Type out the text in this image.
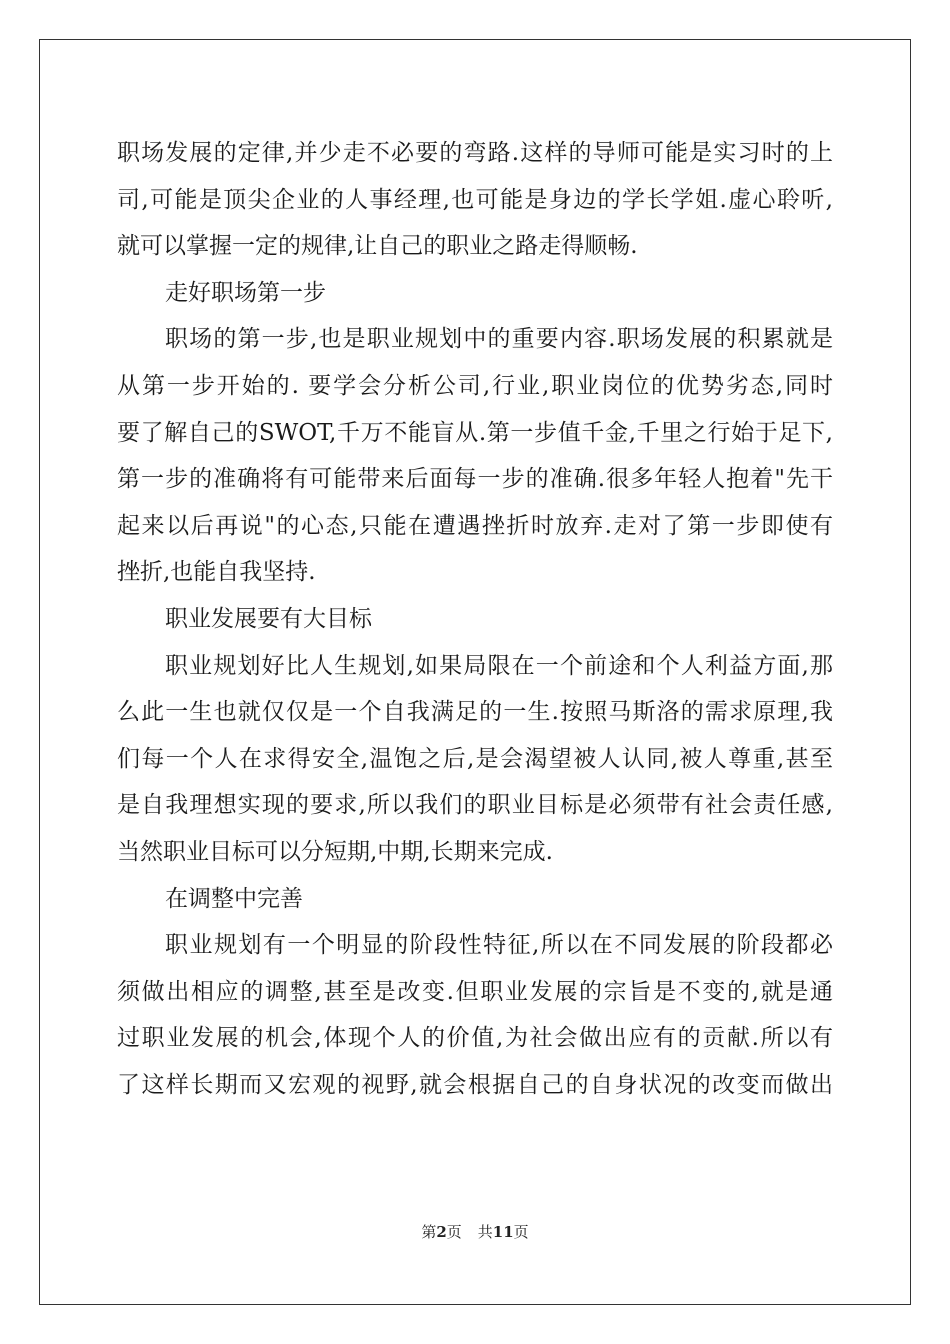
职场发展的定律,并少走不必要的弯路.这样的导师可能是实习时的上
司,可能是顶尖企业的人事经理,也可能是身边的学长学姐.虚心聆听,
就可以掌握一定的规律,让自己的职业之路走得顺畅.
走好职场第一步
职场的第一步,也是职业规划中的重要内容.职场发展的积累就是
从第一步开始的. 要学会分析公司,行业,职业岗位的优势劣态,同时
要了解自己的SWOT,千万不能盲从.第一步值千金,千里之行始于足下,
第一步的准确将有可能带来后面每一步的准确.很多年轻人抱着"先干
起来以后再说"的心态,只能在遭遇挫折时放弃.走对了第一步即使有
挫折,也能自我坚持.
职业发展要有大目标
职业规划好比人生规划,如果局限在一个前途和个人利益方面,那
么此一生也就仅仅是一个自我满足的一生.按照马斯洛的需求原理,我
们每一个人在求得安全,温饱之后,是会渴望被人认同,被人尊重,甚至
是自我理想实现的要求,所以我们的职业目标是必须带有社会责任感,
当然职业目标可以分短期,中期,长期来完成.
在调整中完善
职业规划有一个明显的阶段性特征,所以在不同发展的阶段都必
须做出相应的调整,甚至是改变.但职业发展的宗旨是不变的,就是通
过职业发展的机会,体现个人的价值,为社会做出应有的贡献.所以有
了这样长期而又宏观的视野,就会根据自己的自身状况的改变而做出
第2页 共11页
